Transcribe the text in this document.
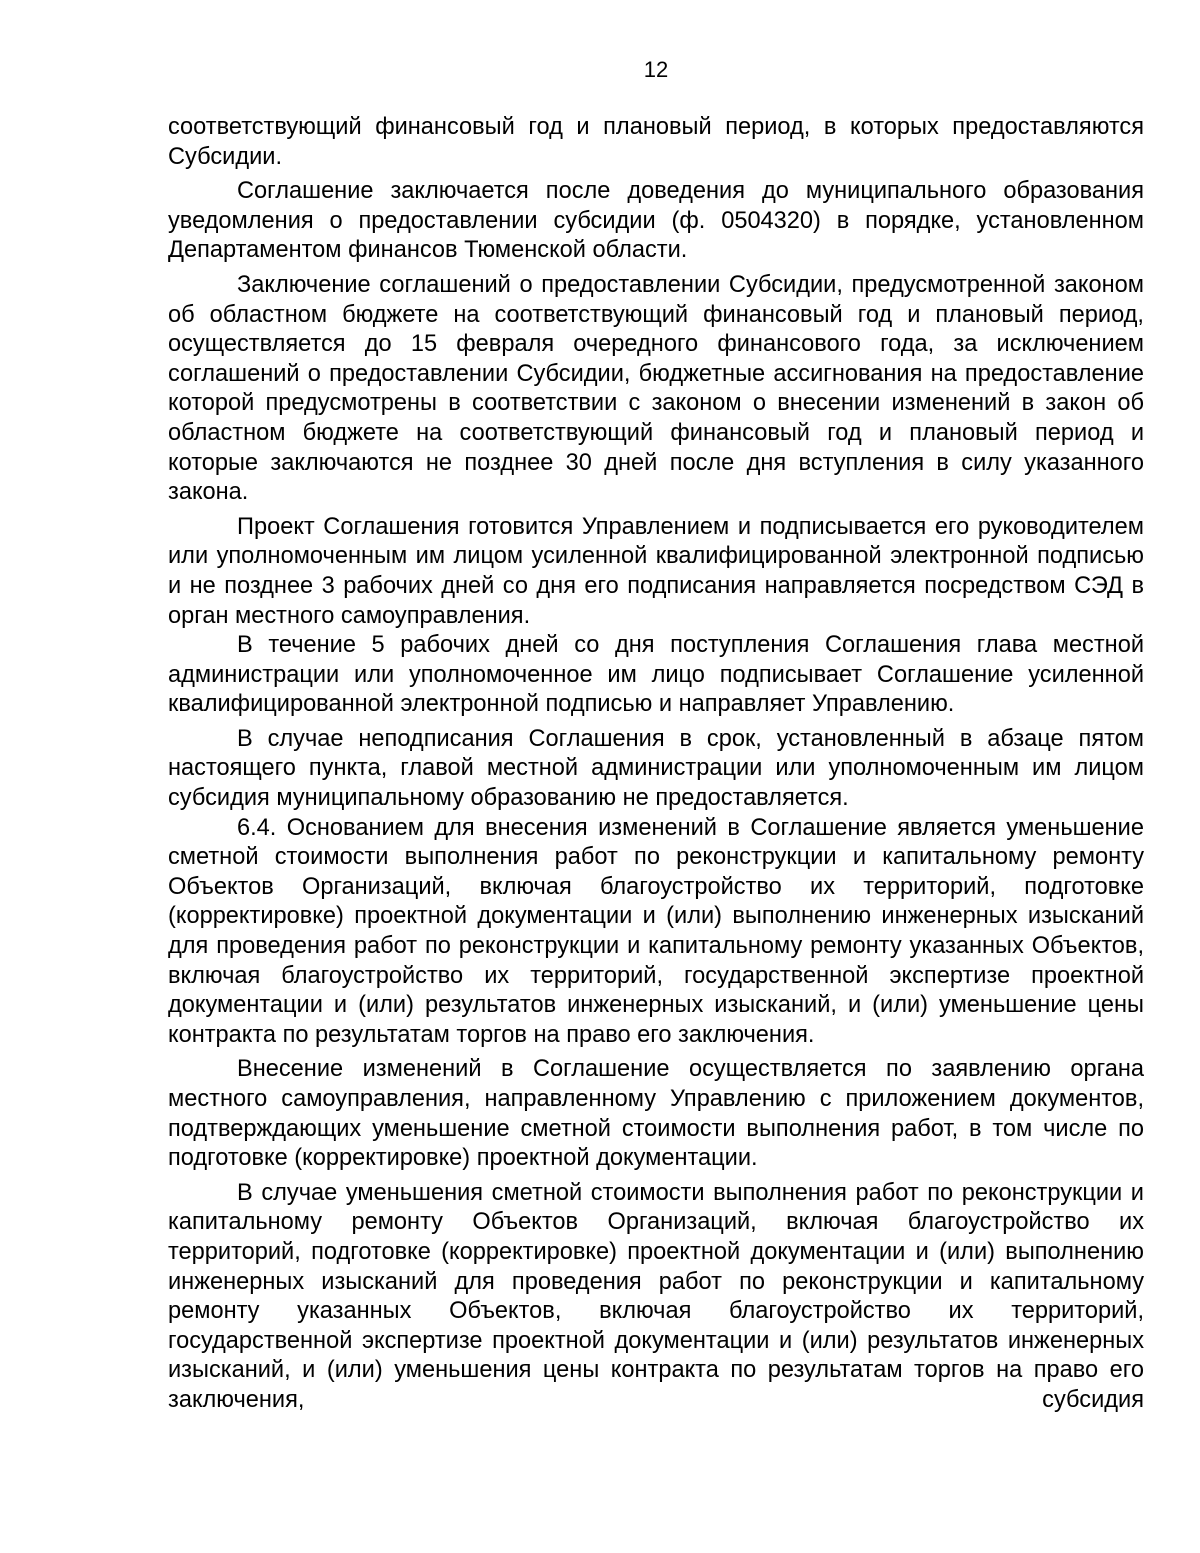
12

соответствующий финансовый год и плановый период, в которых предоставляются Субсидии.

Соглашение заключается после доведения до муниципального образования уведомления о предоставлении субсидии (ф. 0504320) в порядке, установленном Департаментом финансов Тюменской области.

Заключение соглашений о предоставлении Субсидии, предусмотренной законом об областном бюджете на соответствующий финансовый год и плановый период, осуществляется до 15 февраля очередного финансового года, за исключением соглашений о предоставлении Субсидии, бюджетные ассигнования на предоставление которой предусмотрены в соответствии с законом о внесении изменений в закон об областном бюджете на соответствующий финансовый год и плановый период и которые заключаются не позднее 30 дней после дня вступления в силу указанного закона.

Проект Соглашения готовится Управлением и подписывается его руководителем или уполномоченным им лицом усиленной квалифицированной электронной подписью и не позднее 3 рабочих дней со дня его подписания направляется посредством СЭД в орган местного самоуправления.

В течение 5 рабочих дней со дня поступления Соглашения глава местной администрации или уполномоченное им лицо подписывает Соглашение усиленной квалифицированной электронной подписью и направляет Управлению.

В случае неподписания Соглашения в срок, установленный в абзаце пятом настоящего пункта, главой местной администрации или уполномоченным им лицом субсидия муниципальному образованию не предоставляется.

6.4. Основанием для внесения изменений в Соглашение является уменьшение сметной стоимости выполнения работ по реконструкции и капитальному ремонту Объектов Организаций, включая благоустройство их территорий, подготовке (корректировке) проектной документации и (или) выполнению инженерных изысканий для проведения работ по реконструкции и капитальному ремонту указанных Объектов, включая благоустройство их территорий, государственной экспертизе проектной документации и (или) результатов инженерных изысканий, и (или) уменьшение цены контракта по результатам торгов на право его заключения.

Внесение изменений в Соглашение осуществляется по заявлению органа местного самоуправления, направленному Управлению с приложением документов, подтверждающих уменьшение сметной стоимости выполнения работ, в том числе по подготовке (корректировке) проектной документации.

В случае уменьшения сметной стоимости выполнения работ по реконструкции и капитальному ремонту Объектов Организаций, включая благоустройство их территорий, подготовке (корректировке) проектной документации и (или) выполнению инженерных изысканий для проведения работ по реконструкции и капитальному ремонту указанных Объектов, включая благоустройство их территорий, государственной экспертизе проектной документации и (или) результатов инженерных изысканий, и (или) уменьшения цены контракта по результатам торгов на право его заключения, субсидия
